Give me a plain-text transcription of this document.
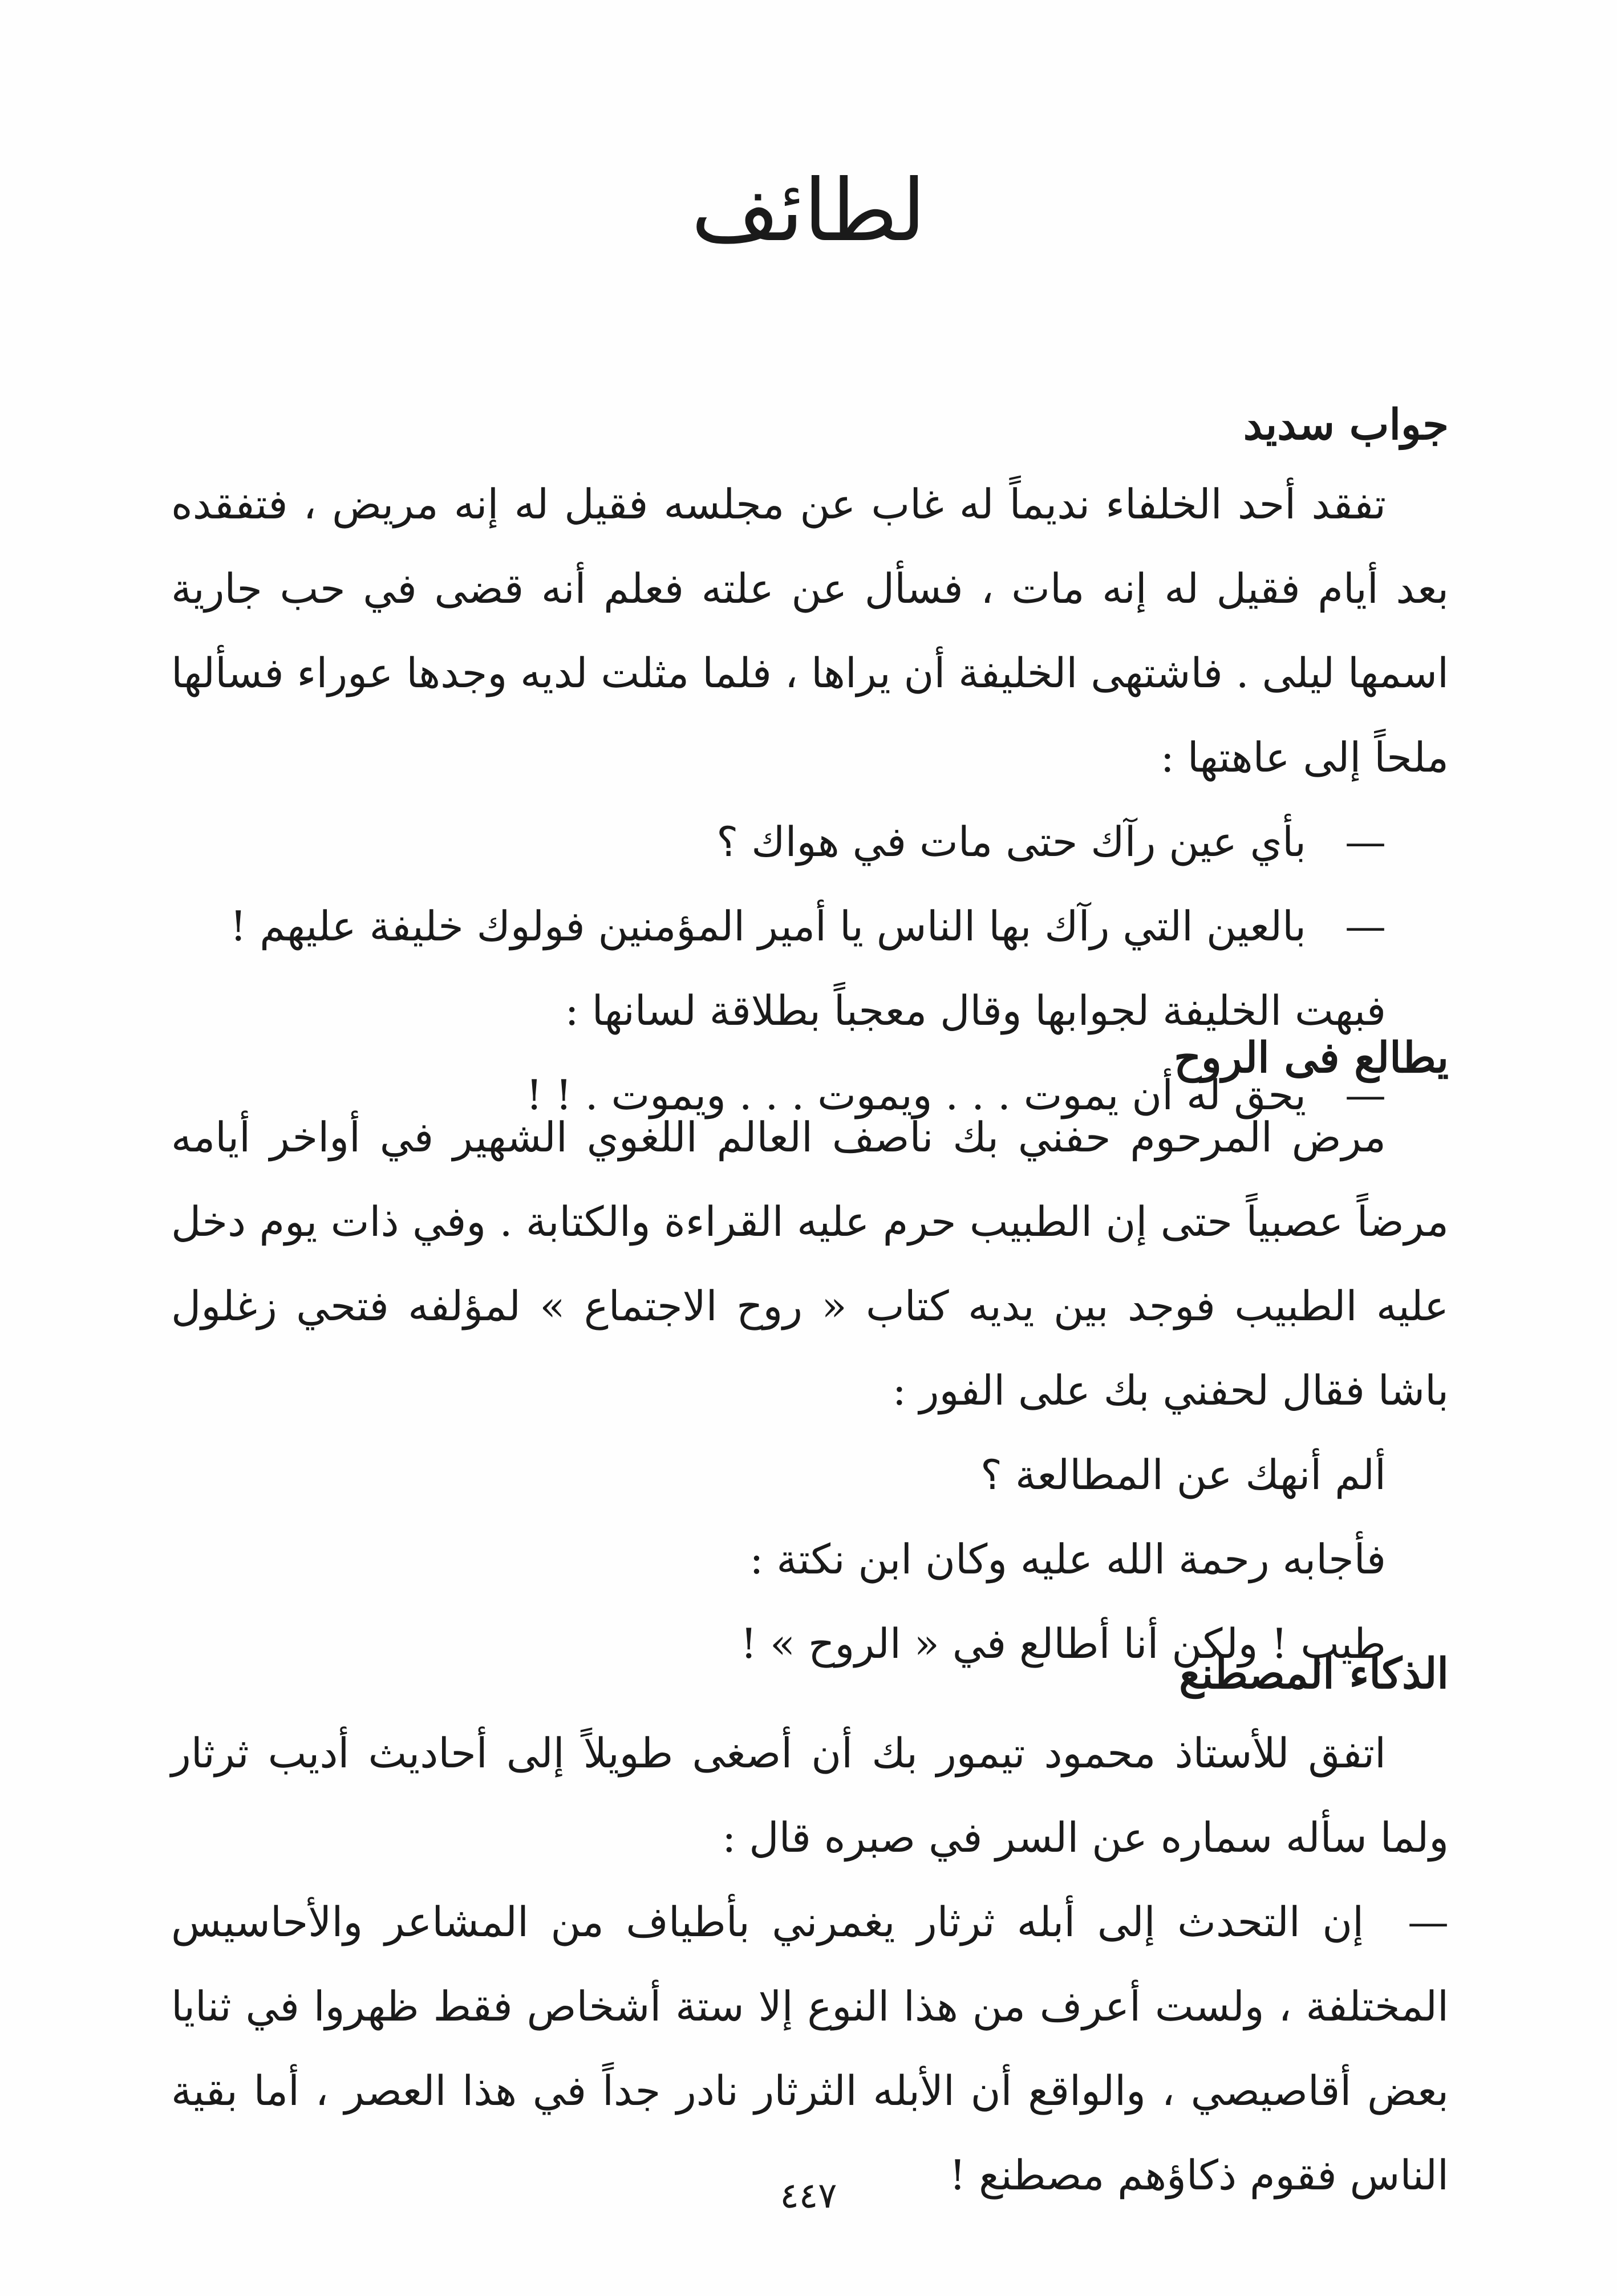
لطائف

جواب سديد

تفقد أحد الخلفاء نديماً له غاب عن مجلسه فقيل له إنه مريض ، فتفقده بعد أيام فقيل له إنه مات ، فسأل عن علته فعلم أنه قضى في حب جارية اسمها ليلى . فاشتهى الخليفة أن يراها ، فلما مثلت لديه وجدها عوراء فسألها ملحاً إلى عاهتها :

—بأي عين رآك حتى مات في هواك ؟

—بالعين التي رآك بها الناس يا أمير المؤمنين فولوك خليفة عليهم !

فبهت الخليفة لجوابها وقال معجباً بطلاقة لسانها :

—يحق له أن يموت . . . ويموت . . . ويموت . ! !

يطالع فى الروح

مرض المرحوم حفني بك ناصف العالم اللغوي الشهير في أواخر أيامه مرضاً عصبياً حتى إن الطبيب حرم عليه القراءة والكتابة . وفي ذات يوم دخل عليه الطبيب فوجد بين يديه كتاب « روح الاجتماع » لمؤلفه فتحي زغلول باشا فقال لحفني بك على الفور :

ألم أنهك عن المطالعة ؟

فأجابه رحمة الله عليه وكان ابن نكتة :

طيب ! ولكن أنا أطالع في « الروح » !

الذكاء المصطنع

اتفق للأستاذ محمود تيمور بك أن أصغى طويلاً إلى أحاديث أديب ثرثار ولما سأله سماره عن السر في صبره قال :

—  إن التحدث إلى أبله ثرثار يغمرني بأطياف من المشاعر والأحاسيس المختلفة ، ولست أعرف من هذا النوع إلا ستة أشخاص فقط ظهروا في ثنايا بعض أقاصيصي ، والواقع أن الأبله الثرثار نادر جداً في هذا العصر ، أما بقية الناس فقوم ذكاؤهم مصطنع !

٤٤٧
